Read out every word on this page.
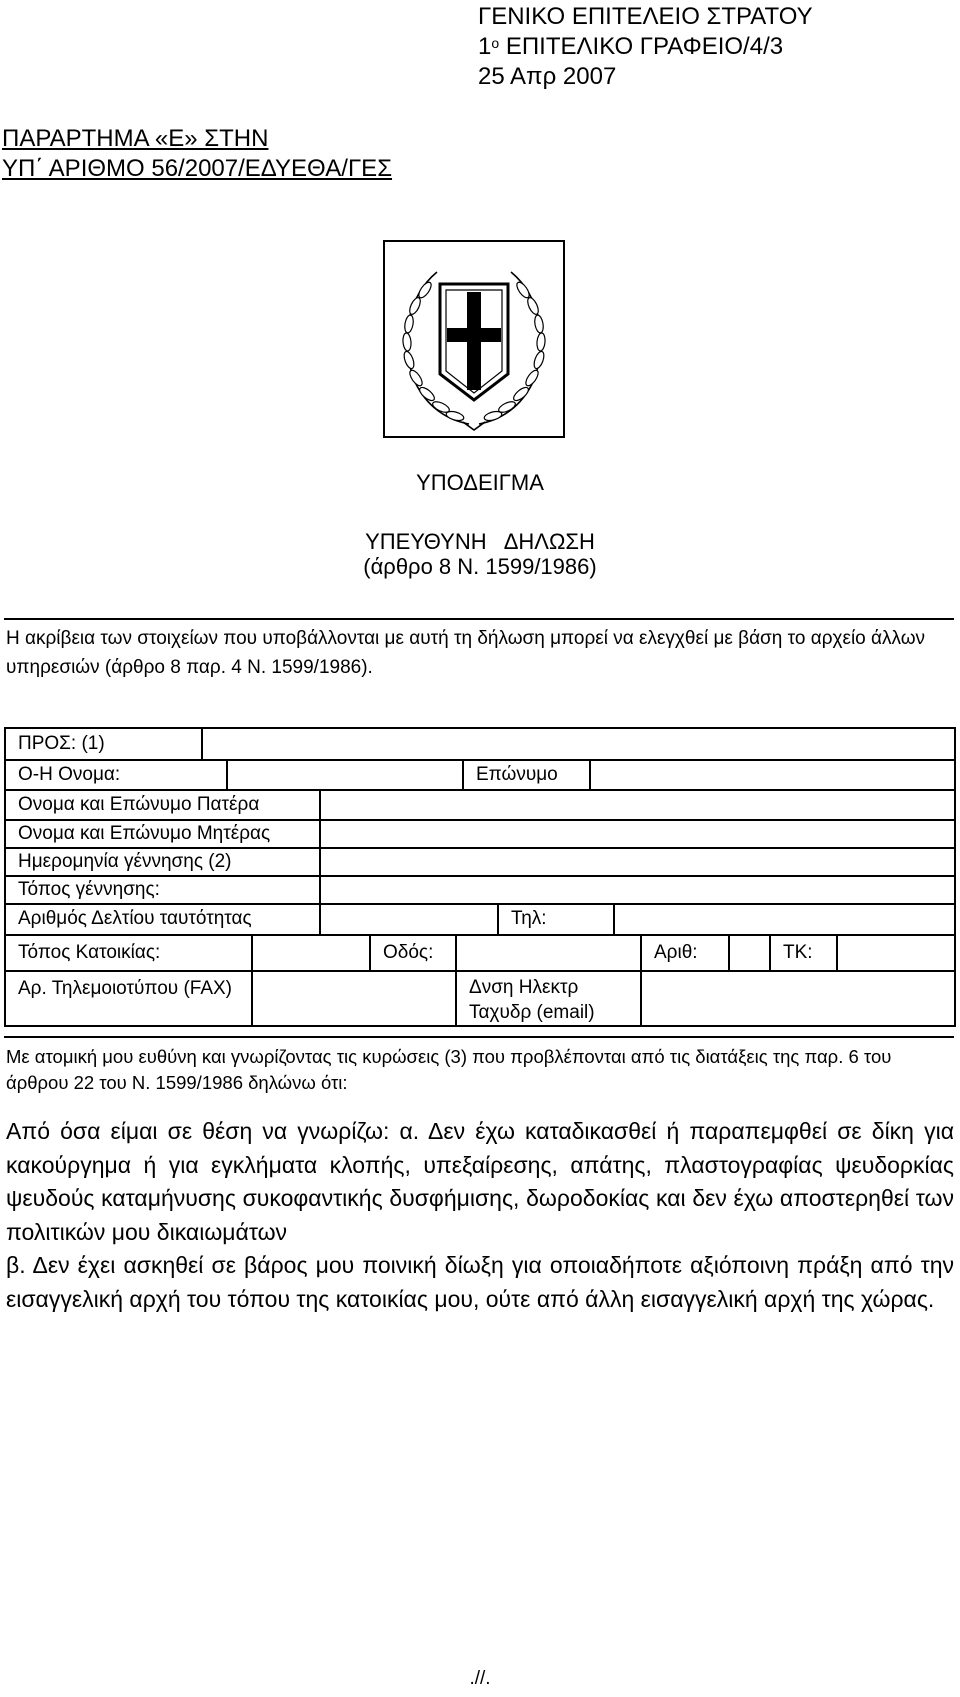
ΓΕΝΙΚΟ ΕΠΙΤΕΛΕΙΟ ΣΤΡΑΤΟΥ
$1^o$ ΕΠΙΤΕΛΙΚΟ ΓΡΑΦΕΙΟ/4/3
25 Απρ 2007
ΠΑΡΑΡΤΗΜΑ «Ε» ΣΤΗΝ
ΥΠ΄ ΑΡΙΘΜΟ 56/2007/ΕΔΥΕΘΑ/ΓΕΣ
ΥΠΟΔΕΙΓΜΑ
ΥΠΕΥΘΥΝΗ   ΔΗΛΩΣΗ
(άρθρο 8 Ν. 1599/1986)
Η ακρίβεια των στοιχείων που υποβάλλονται με αυτή τη δήλωση μπορεί να ελεγχθεί με βάση το αρχείο άλλων υπηρεσιών (άρθρο 8 παρ. 4 Ν. 1599/1986).
ΠΡΟΣ: (1)
Ο-Η Ονομα:	Επώνυμο
Ονομα και Επώνυμο Πατέρα
Ονομα και Επώνυμο Μητέρας
Ημερομηνία γέννησης (2)
Τόπος γέννησης:
Αριθμός Δελτίου ταυτότητας	Τηλ:
Τόπος Κατοικίας:	Οδός:	Αριθ:	ΤΚ:
Αρ. Τηλεμοιοτύπου (FAX)	Δνση Ηλεκτρ
Ταχυδρ (email)
Με ατομική μου ευθύνη και γνωρίζοντας τις κυρώσεις (3) που προβλέπονται από τις διατάξεις της παρ. 6 του άρθρου 22 του Ν. 1599/1986 δηλώνω ότι:
Από όσα είμαι σε θέση να γνωρίζω: α. Δεν έχω καταδικασθεί ή παραπεμφθεί σε δίκη για κακούργημα ή για εγκλήματα κλοπής, υπεξαίρεσης, απάτης, πλαστογραφίας ψευδορκίας ψευδούς καταμήνυσης συκοφαντικής δυσφήμισης, δωροδοκίας και δεν έχω αποστερηθεί των πολιτικών μου δικαιωμάτων
β. Δεν έχει ασκηθεί σε βάρος μου ποινική δίωξη για οποιαδήποτε αξιόποινη πράξη από την εισαγγελική αρχή του τόπου της κατοικίας μου, ούτε από άλλη εισαγγελική αρχή της χώρας.
.//.
